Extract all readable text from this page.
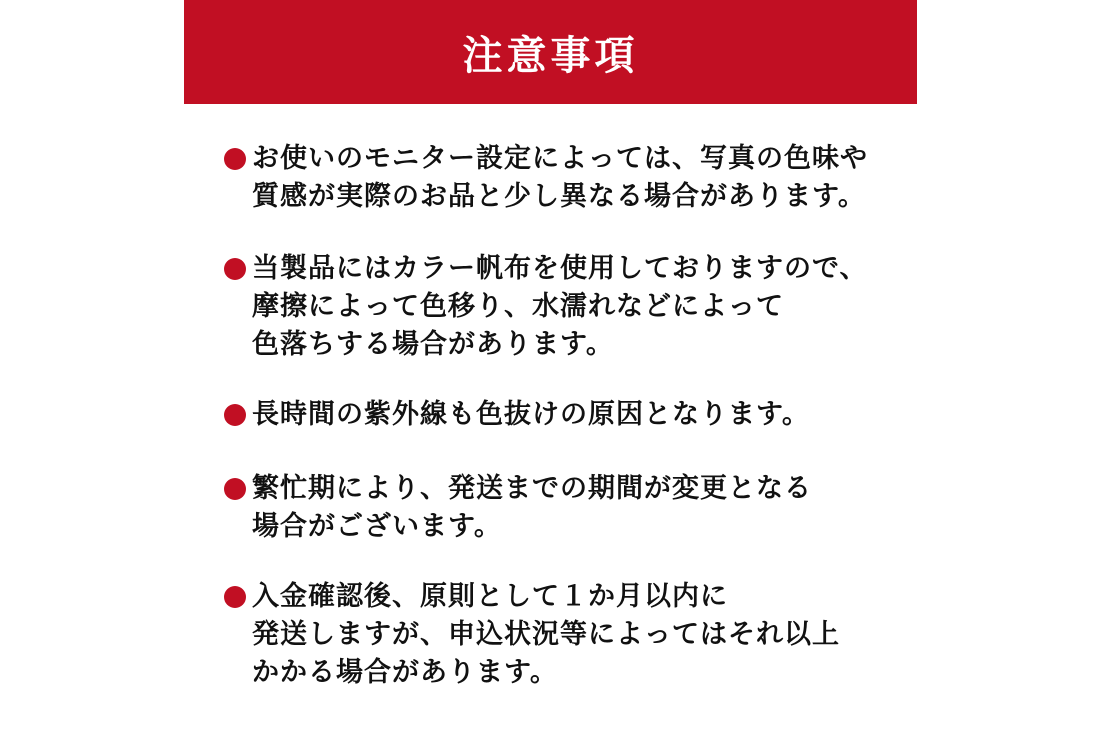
注意事項
お使いのモニター設定によっては、写真の色味や
質感が実際のお品と少し異なる場合があります。
当製品にはカラー帆布を使用しておりますので、
摩擦によって色移り、水濡れなどによって
色落ちする場合があります。
長時間の紫外線も色抜けの原因となります。
繁忙期により、発送までの期間が変更となる
場合がございます。
入金確認後、原則として１か月以内に
発送しますが、申込状況等によってはそれ以上
かかる場合があります。
